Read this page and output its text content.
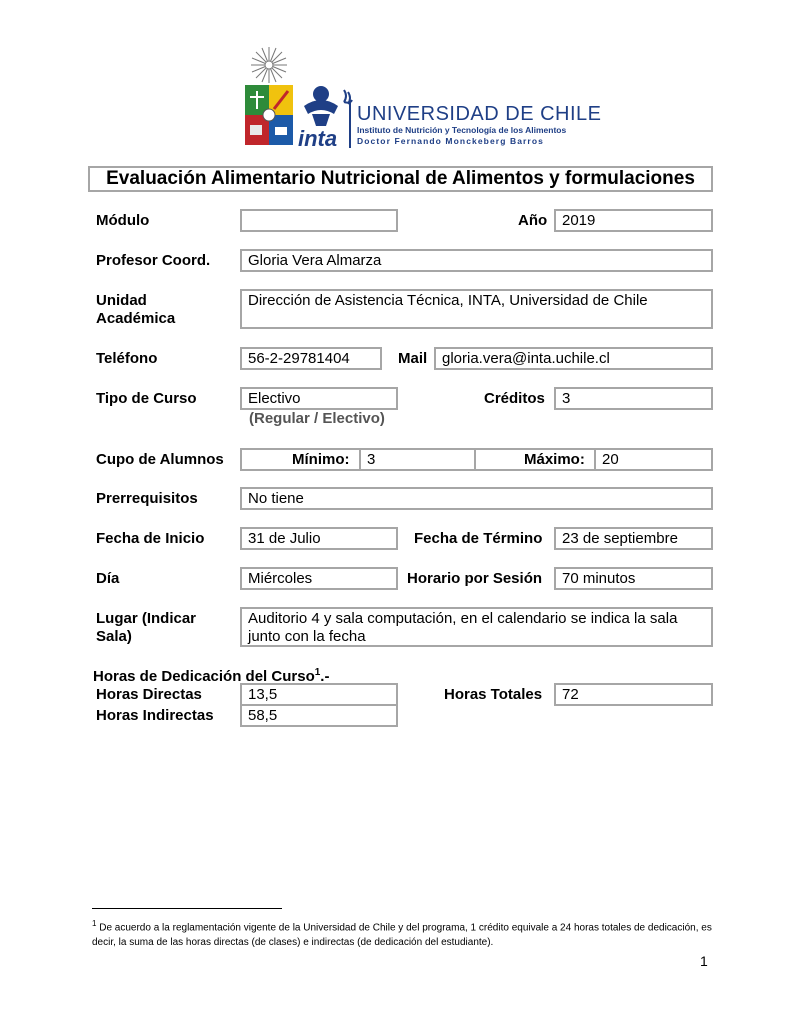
inta
UNIVERSIDAD DE CHILE
Instituto de Nutrición y Tecnología de los Alimentos
Doctor Fernando Monckeberg Barros
Evaluación Alimentario Nutricional de Alimentos y formulaciones
Módulo	Año 2019
Profesor Coord.	Gloria Vera Almarza
Unidad
Académica
Dirección de Asistencia Técnica, INTA, Universidad de Chile
Teléfono	56-2-29781404	Mail gloria.vera@inta.uchile.cl
Tipo de Curso	Electivo
(Regular / Electivo)
Créditos	3
Cupo de Alumnos	Mínimo:	3	Máximo:	20
Prerrequisitos	No tiene
Fecha de Inicio	31 de Julio	Fecha de Término	23 de septiembre
Día	Miércoles	Horario por Sesión	70 minutos
Lugar (Indicar
Sala)
Auditorio 4 y sala computación, en el calendario se indica la sala junto con la fecha
Horas de Dedicación del Curso$^1$.-
Horas Directas	13,5	Horas Totales	72
Horas Indirectas	58,5
$^1$ De acuerdo a la reglamentación vigente de la Universidad de Chile y del programa, 1 crédito equivale a 24 horas totales de dedicación, es decir, la suma de las horas directas (de clases) e indirectas (de dedicación del estudiante).
1
